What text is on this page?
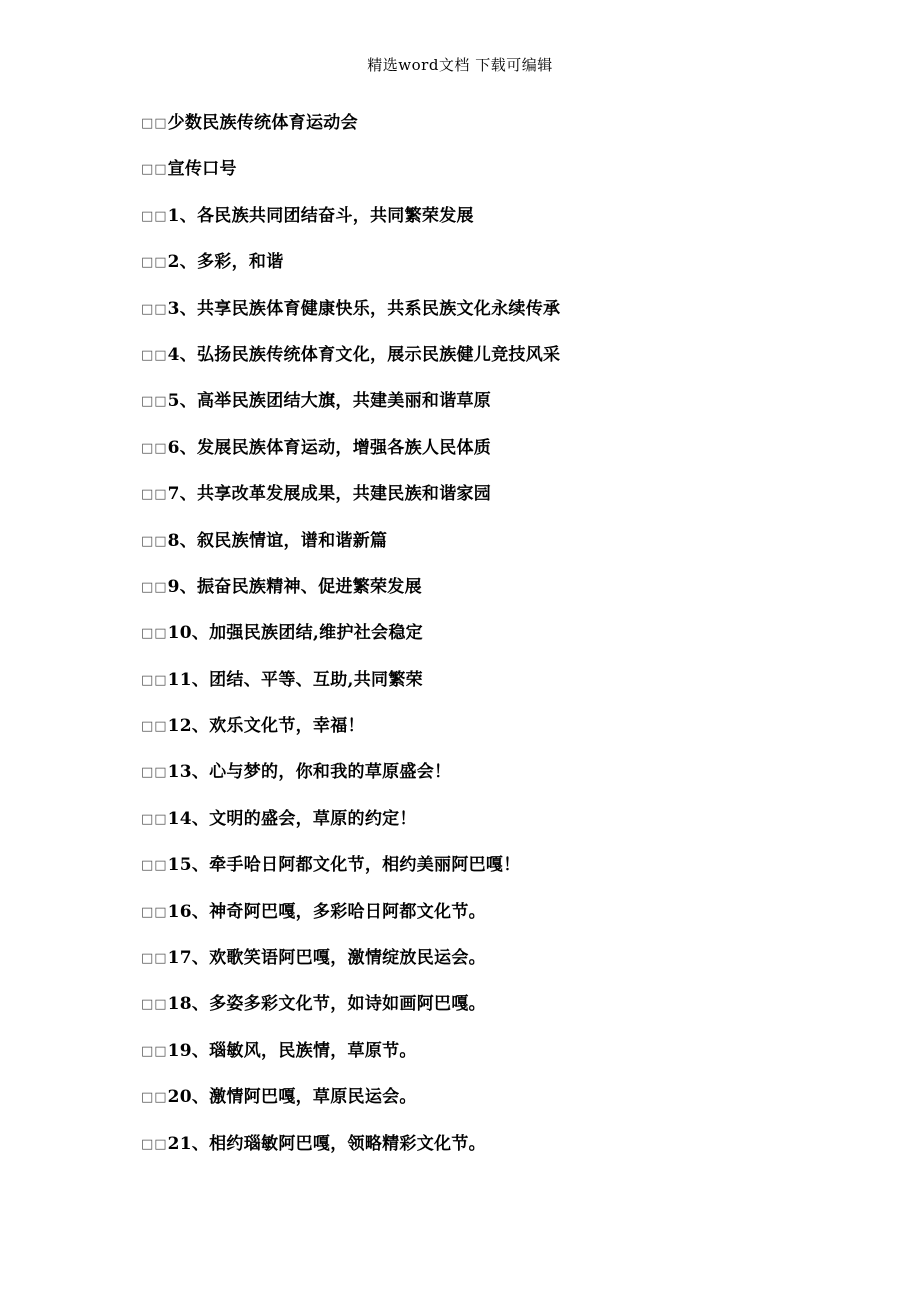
精选word文档 下载可编辑
□□少数民族传统体育运动会
□□宣传口号
□□1、各民族共同团结奋斗，共同繁荣发展
□□2、多彩，和谐
□□3、共享民族体育健康快乐，共系民族文化永续传承
□□4、弘扬民族传统体育文化，展示民族健儿竞技风采
□□5、高举民族团结大旗，共建美丽和谐草原
□□6、发展民族体育运动，增强各族人民体质
□□7、共享改革发展成果，共建民族和谐家园
□□8、叙民族情谊，谱和谐新篇
□□9、振奋民族精神、促进繁荣发展
□□10、加强民族团结,维护社会稳定
□□11、团结、平等、互助,共同繁荣
□□12、欢乐文化节，幸福！
□□13、心与梦的，你和我的草原盛会！
□□14、文明的盛会，草原的约定！
□□15、牵手哈日阿都文化节，相约美丽阿巴嘎！
□□16、神奇阿巴嘎，多彩哈日阿都文化节。
□□17、欢歌笑语阿巴嘎，激情绽放民运会。
□□18、多姿多彩文化节，如诗如画阿巴嘎。
□□19、瑙敏风，民族情，草原节。
□□20、激情阿巴嘎，草原民运会。
□□21、相约瑙敏阿巴嘎，领略精彩文化节。
